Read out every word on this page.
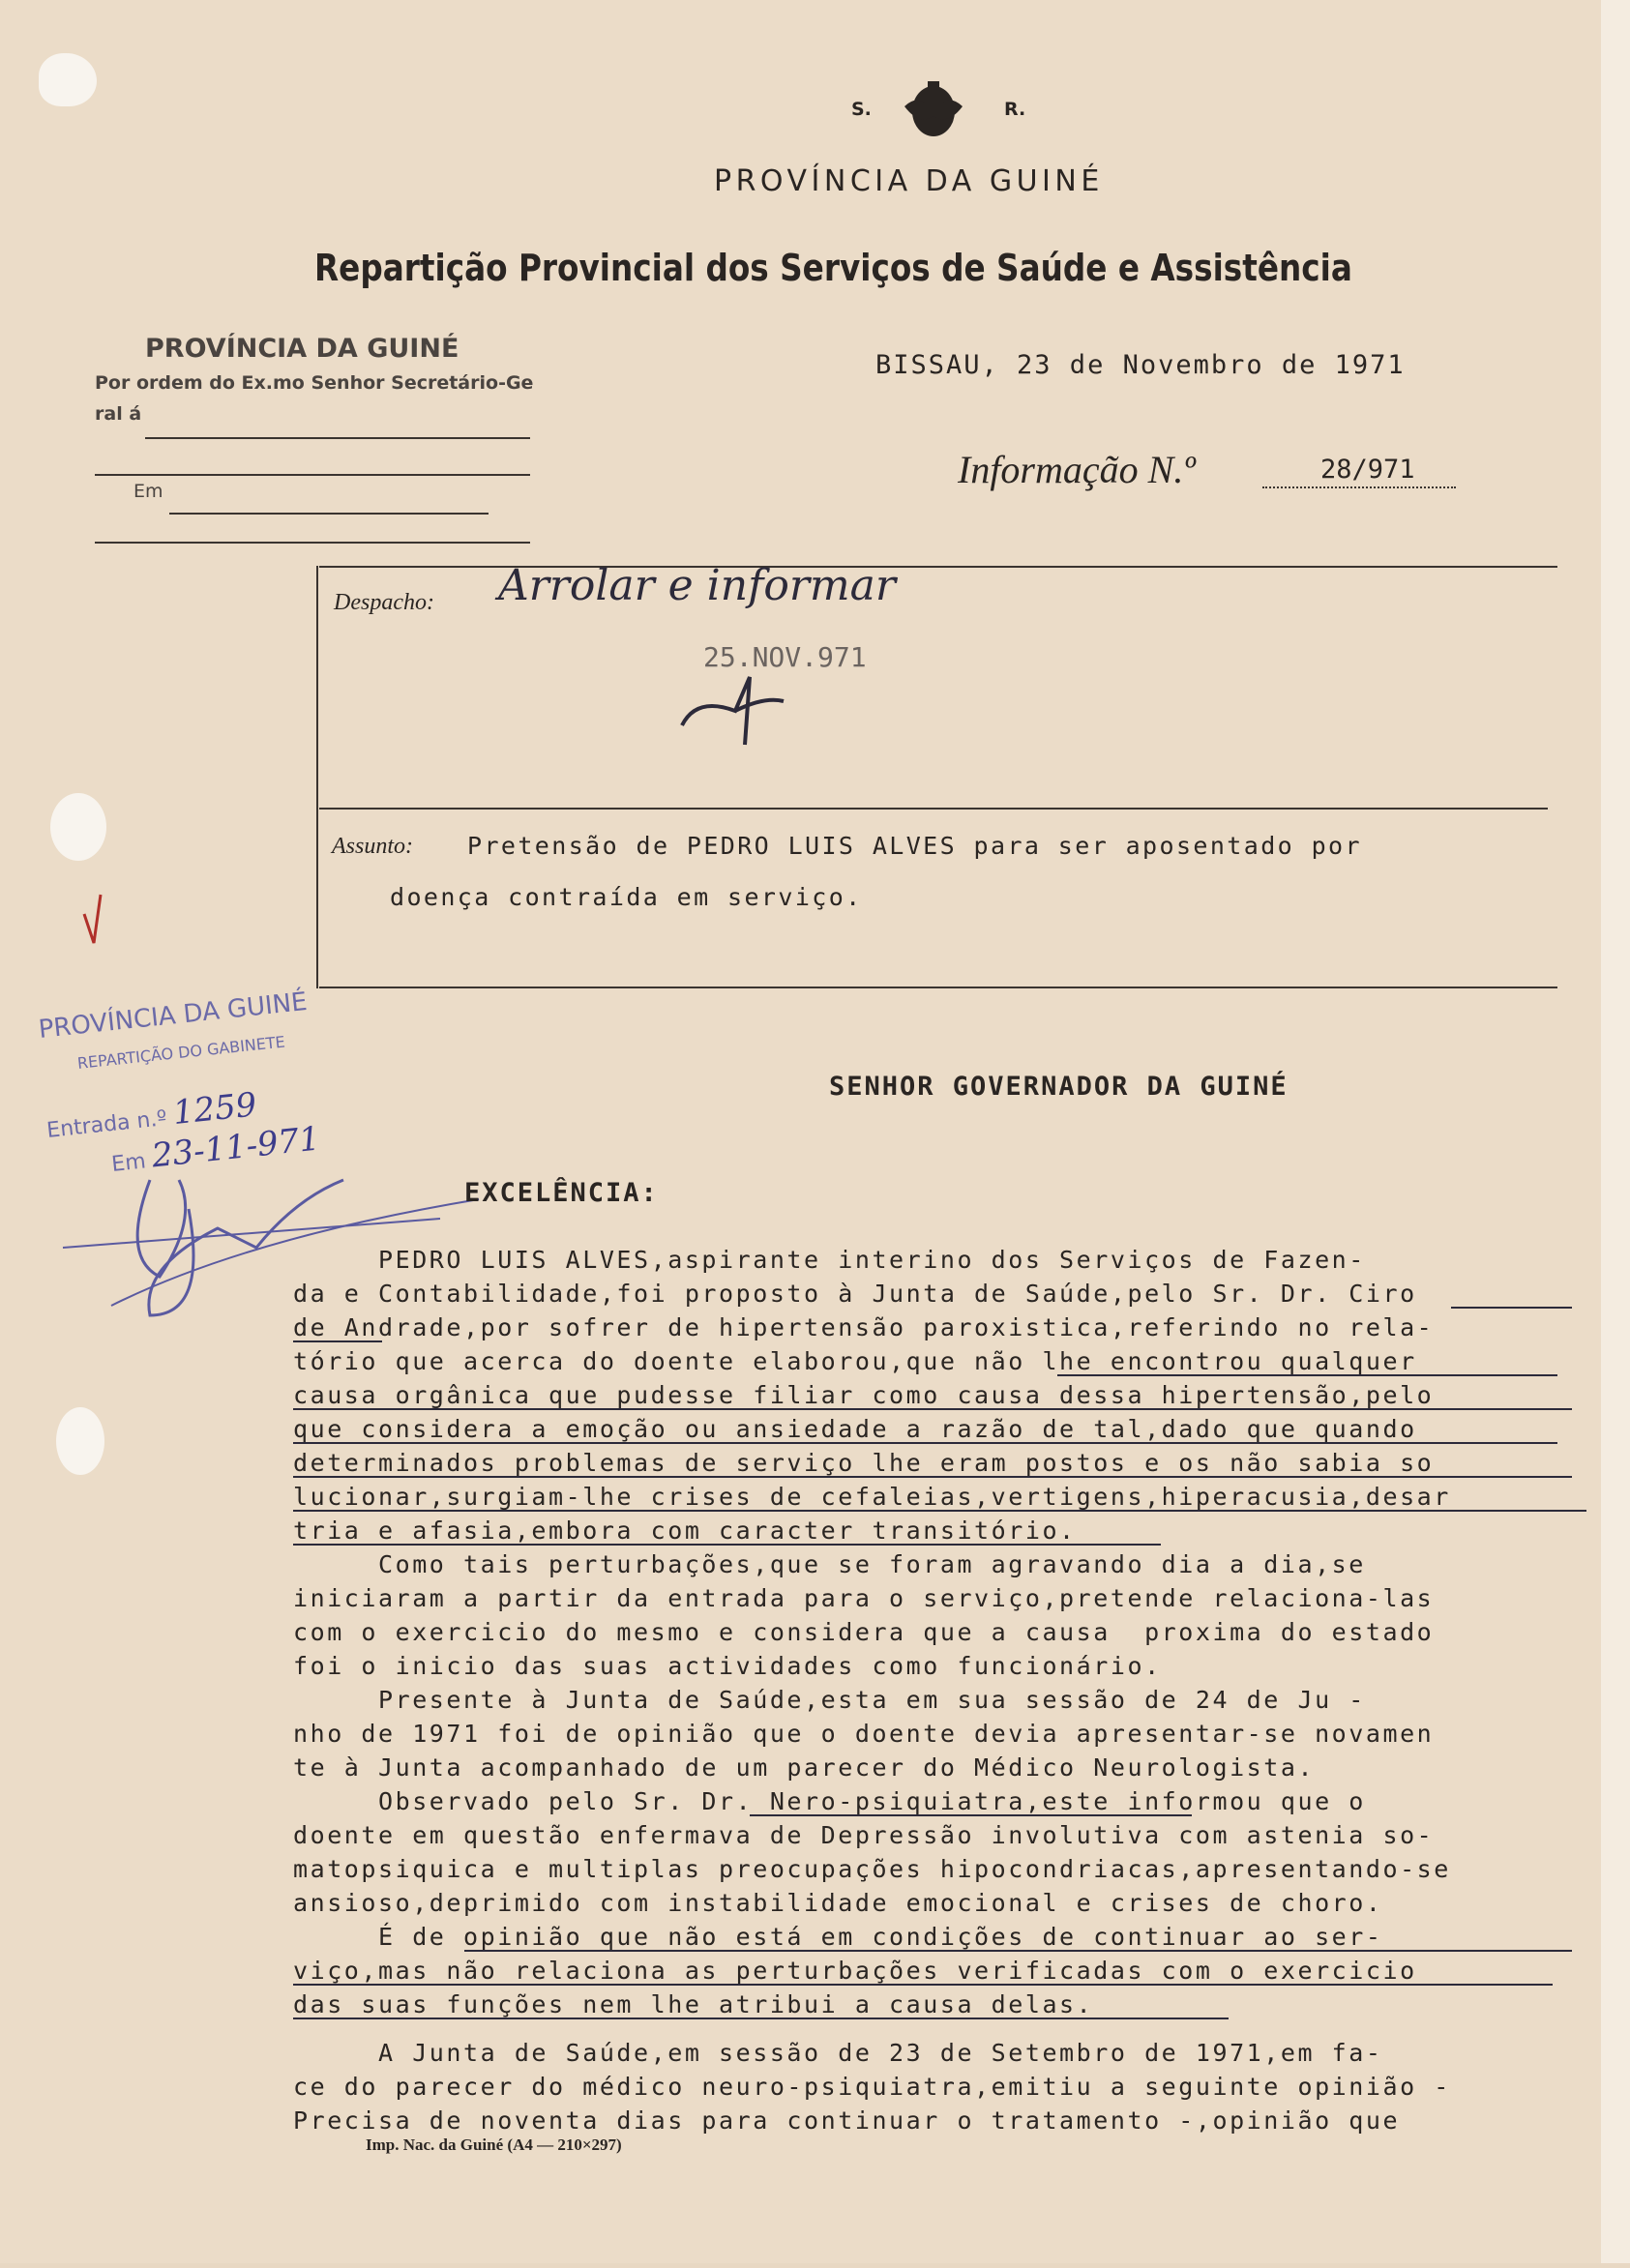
S.	R.
PROVÍNCIA DA GUINÉ
Repartição Provincial dos Serviços de Saúde e Assistência
PROVÍNCIA DA GUINÉ
Por ordem do Ex.mo Senhor Secretário-Ge
ral á
Em
BISSAU, 23 de Novembro de 1971
Informação N.º	28/971
Despacho: Arrolar e informar
25.NOV.971
Assunto: Pretensão de PEDRO LUIS ALVES para ser aposentado por
doença contraída em serviço.
PROVÍNCIA DA GUINÉ
REPARTIÇÃO DO GABINETE
Entrada n.º 1259
Em 23-11-971
SENHOR GOVERNADOR DA GUINÉ
EXCELÊNCIA:
PEDRO LUIS ALVES,aspirante interino dos Serviços de Fazen-
da e Contabilidade,foi proposto à Junta de Saúde,pelo Sr. Dr. Ciro
de Andrade,por sofrer de hipertensão paroxistica,referindo no rela-
tório que acerca do doente elaborou,que não lhe encontrou qualquer
causa orgânica que pudesse filiar como causa dessa hipertensão,pelo
que considera a emoção ou ansiedade a razão de tal,dado que quando
determinados problemas de serviço lhe eram postos e os não sabia so
lucionar,surgiam-lhe crises de cefaleias,vertigens,hiperacusia,desar
tria e afasia,embora com caracter transitório.
Como tais perturbações,que se foram agravando dia a dia,se
iniciaram a partir da entrada para o serviço,pretende relaciona-las
com o exercicio do mesmo e considera que a causa  proxima do estado
foi o inicio das suas actividades como funcionário.
Presente à Junta de Saúde,esta em sua sessão de 24 de Ju -
nho de 1971 foi de opinião que o doente devia apresentar-se novamen
te à Junta acompanhado de um parecer do Médico Neurologista.
Observado pelo Sr. Dr. Nero-psiquiatra,este informou que o
doente em questão enfermava de Depressão involutiva com astenia so-
matopsiquica e multiplas preocupações hipocondriacas,apresentando-se
ansioso,deprimido com instabilidade emocional e crises de choro.
É de opinião que não está em condições de continuar ao ser-
viço,mas não relaciona as perturbações verificadas com o exercicio
das suas funções nem lhe atribui a causa delas.
A Junta de Saúde,em sessão de 23 de Setembro de 1971,em fa-
ce do parecer do médico neuro-psiquiatra,emitiu a seguinte opinião -
Precisa de noventa dias para continuar o tratamento -,opinião que
Imp. Nac. da Guiné (A4 — 210×297)
